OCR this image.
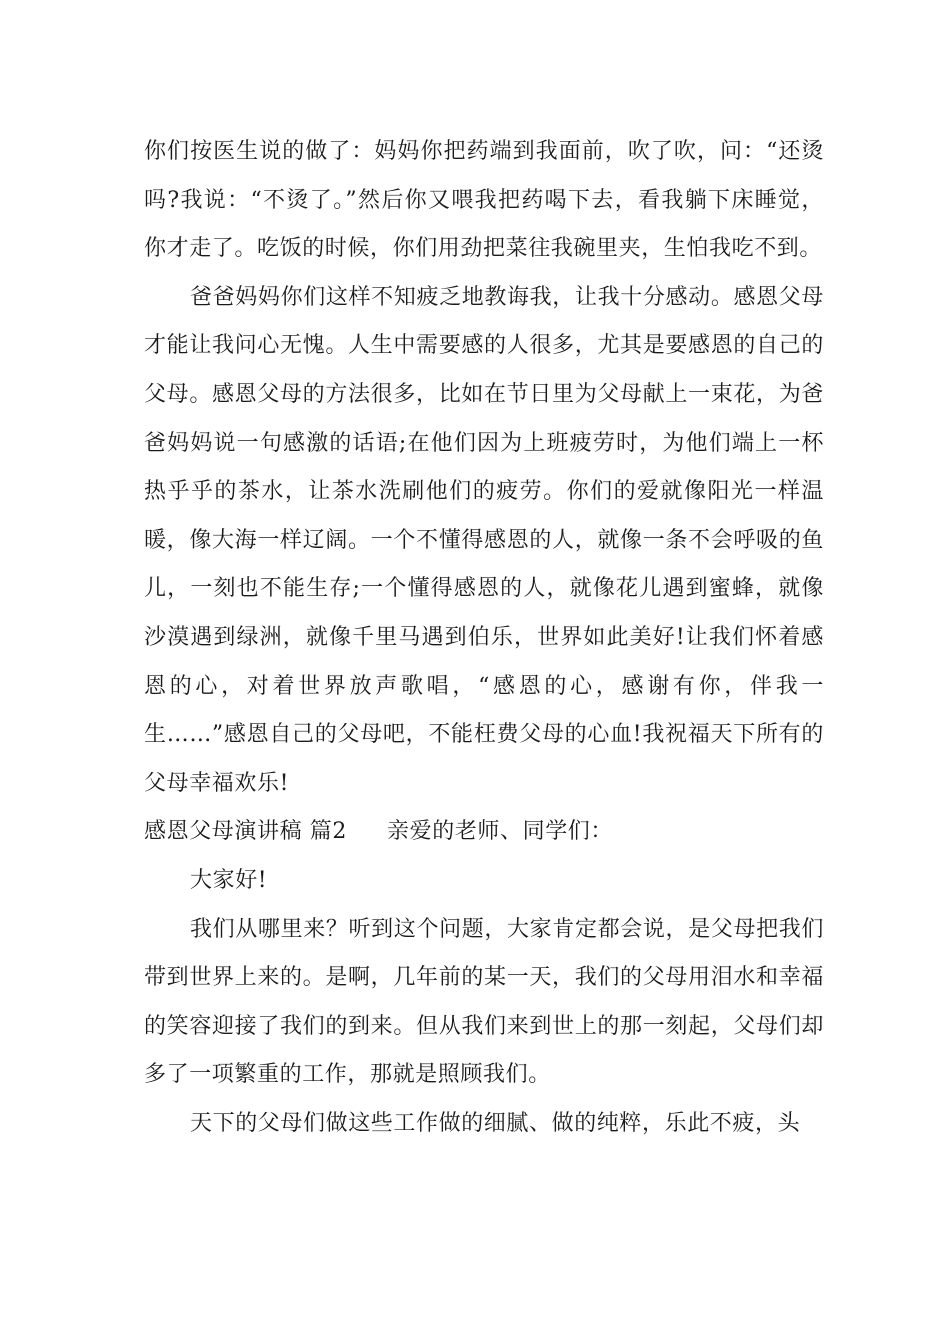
你们按医生说的做了：妈妈你把药端到我面前，吹了吹，问：“还烫吗?我说：“不烫了。”然后你又喂我把药喝下去，看我躺下床睡觉，你才走了。吃饭的时候，你们用劲把菜往我碗里夹，生怕我吃不到。

爸爸妈妈你们这样不知疲乏地教诲我，让我十分感动。感恩父母才能让我问心无愧。人生中需要感的人很多，尤其是要感恩的自己的父母。感恩父母的方法很多，比如在节日里为父母献上一束花，为爸爸妈妈说一句感激的话语;在他们因为上班疲劳时，为他们端上一杯热乎乎的茶水，让茶水洗刷他们的疲劳。你们的爱就像阳光一样温暖，像大海一样辽阔。一个不懂得感恩的人，就像一条不会呼吸的鱼儿，一刻也不能生存;一个懂得感恩的人，就像花儿遇到蜜蜂，就像沙漠遇到绿洲，就像千里马遇到伯乐，世界如此美好!让我们怀着感恩的心，对着世界放声歌唱，“感恩的心，感谢有你，伴我一生……”感恩自己的父母吧，不能枉费父母的心血!我祝福天下所有的父母幸福欢乐!

感恩父母演讲稿 篇2 亲爱的老师、同学们：

大家好!

我们从哪里来？听到这个问题，大家肯定都会说，是父母把我们带到世界上来的。是啊，几年前的某一天，我们的父母用泪水和幸福的笑容迎接了我们的到来。但从我们来到世上的那一刻起，父母们却多了一项繁重的工作，那就是照顾我们。

天下的父母们做这些工作做的细腻、做的纯粹，乐此不疲，头
